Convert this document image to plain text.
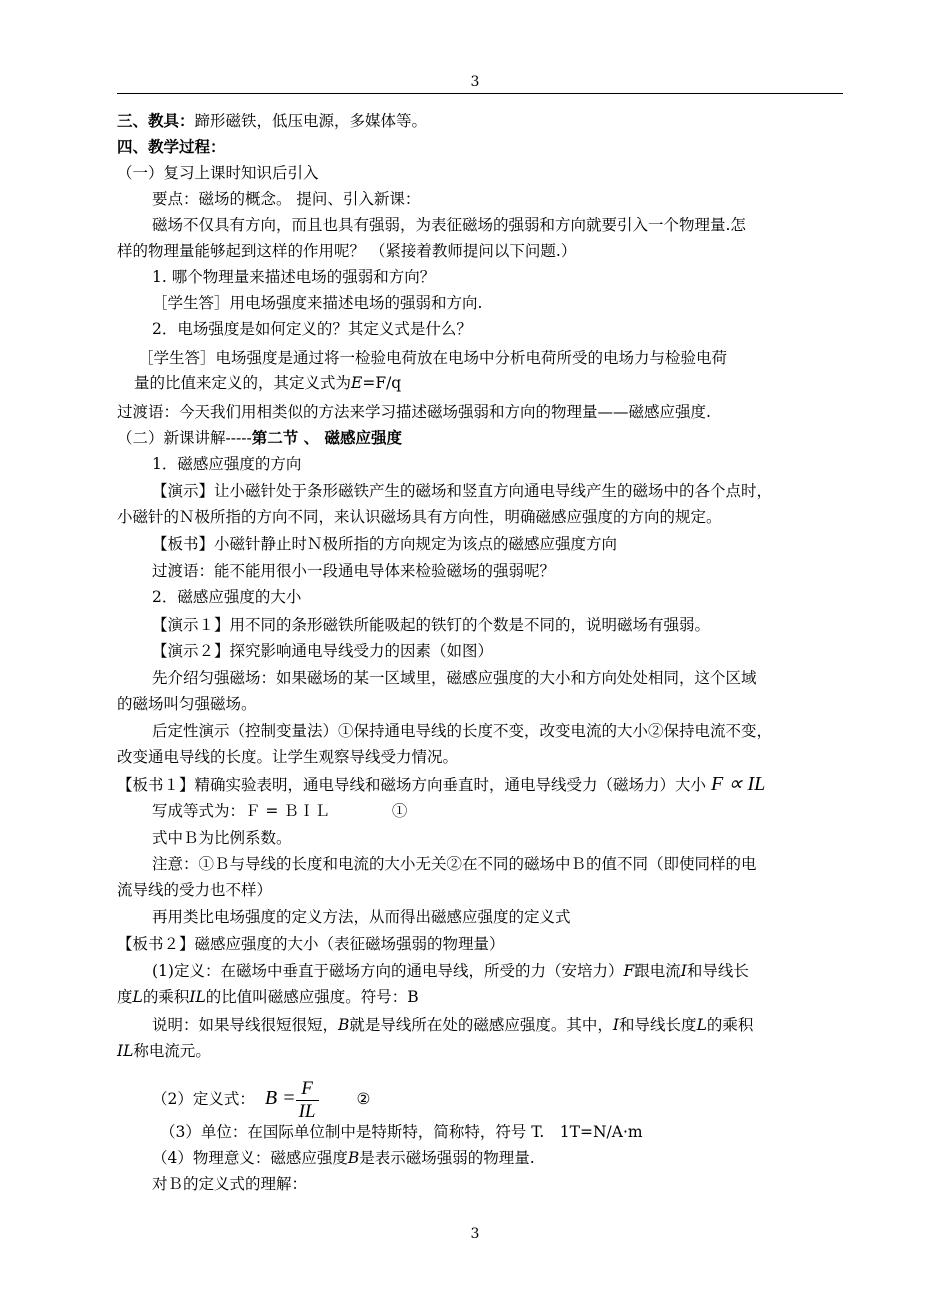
3
三、教具：蹄形磁铁，低压电源，多媒体等。
四、教学过程：
（一）复习上课时知识后引入
要点：磁场的概念。 提问、引入新课：
磁场不仅具有方向，而且也具有强弱，为表征磁场的强弱和方向就要引入一个物理量.怎
样的物理量能够起到这样的作用呢？ （紧接着教师提问以下问题.）
1. 哪个物理量来描述电场的强弱和方向？
［学生答］用电场强度来描述电场的强弱和方向.
2．电场强度是如何定义的？其定义式是什么？
［学生答］电场强度是通过将一检验电荷放在电场中分析电荷所受的电场力与检验电荷
量的比值来定义的，其定义式为E=F/q
过渡语：今天我们用相类似的方法来学习描述磁场强弱和方向的物理量——磁感应强度.
（二）新课讲解-----第二节 、 磁感应强度
1．磁感应强度的方向
【演示】让小磁针处于条形磁铁产生的磁场和竖直方向通电导线产生的磁场中的各个点时，
小磁针的Ｎ极所指的方向不同，来认识磁场具有方向性，明确磁感应强度的方向的规定。
【板书】小磁针静止时Ｎ极所指的方向规定为该点的磁感应强度方向
过渡语：能不能用很小一段通电导体来检验磁场的强弱呢？
2．磁感应强度的大小
【演示１】用不同的条形磁铁所能吸起的铁钉的个数是不同的，说明磁场有强弱。
【演示２】探究影响通电导线受力的因素（如图）
先介绍匀强磁场：如果磁场的某一区域里，磁感应强度的大小和方向处处相同，这个区域
的磁场叫匀强磁场。
后定性演示（控制变量法）①保持通电导线的长度不变，改变电流的大小②保持电流不变，
改变通电导线的长度。让学生观察导线受力情况。
【板书１】精确实验表明，通电导线和磁场方向垂直时，通电导线受力（磁场力）大小 F ∝ IL
写成等式为：Ｆ = ＢＩＬ　　　　①
式中Ｂ为比例系数。
注意：①Ｂ与导线的长度和电流的大小无关②在不同的磁场中Ｂ的值不同（即使同样的电
流导线的受力也不样）
再用类比电场强度的定义方法，从而得出磁感应强度的定义式
【板书２】磁感应强度的大小（表征磁场强弱的物理量）
(1)定义：在磁场中垂直于磁场方向的通电导线，所受的力（安培力）F跟电流I和导线长
度L的乘积IL的比值叫磁感应强度。符号：B
说明：如果导线很短很短，B就是导线所在处的磁感应强度。其中，I和导线长度L的乘积
IL称电流元。
（2）定义式： $B = \frac{F}{IL}$ ②
（3）单位：在国际单位制中是特斯特，简称特，符号 T.　1T=N/A·m
（4）物理意义：磁感应强度B是表示磁场强弱的物理量.
对Ｂ的定义式的理解：
3
